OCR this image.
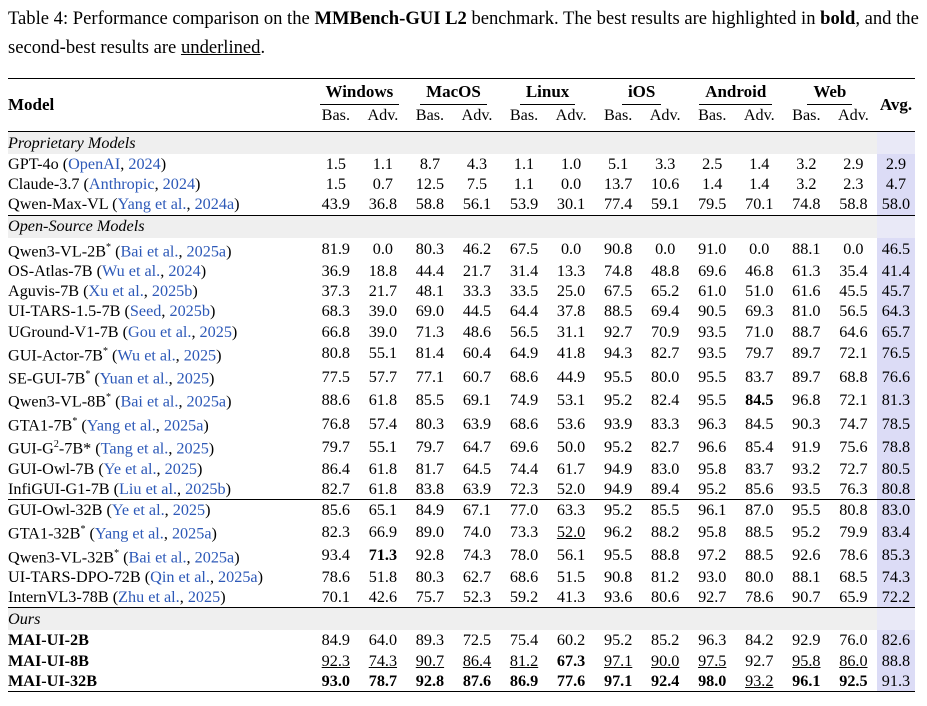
Table 4: Performance comparison on the MMBench-GUI L2 benchmark. The best results are highlighted in bold, and the second-best results are underlined.
Model	Windows		MacOS		Linux		iOS		Android		Web		Avg.
	Bas.	Adv.	Bas.	Adv.	Bas.	Adv.	Bas.	Adv.	Bas.	Adv.	Bas.	Adv.	
Proprietary Models													
GPT-4o (OpenAI, 2024)	1.5	1.1	8.7	4.3	1.1	1.0	5.1	3.3	2.5	1.4	3.2	2.9	2.9
Claude-3.7 (Anthropic, 2024)	1.5	0.7	12.5	7.5	1.1	0.0	13.7	10.6	1.4	1.4	3.2	2.3	4.7
Qwen-Max-VL (Yang et al., 2024a)	43.9	36.8	58.8	56.1	53.9	30.1	77.4	59.1	79.5	70.1	74.8	58.8	58.0
Open-Source Models													
Qwen3-VL-2B* (Bai et al., 2025a)	81.9	0.0	80.3	46.2	67.5	0.0	90.8	0.0	91.0	0.0	88.1	0.0	46.5
OS-Atlas-7B (Wu et al., 2024)	36.9	18.8	44.4	21.7	31.4	13.3	74.8	48.8	69.6	46.8	61.3	35.4	41.4
Aguvis-7B (Xu et al., 2025b)	37.3	21.7	48.1	33.3	33.5	25.0	67.5	65.2	61.0	51.0	61.6	45.5	45.7
UI-TARS-1.5-7B (Seed, 2025b)	68.3	39.0	69.0	44.5	64.4	37.8	88.5	69.4	90.5	69.3	81.0	56.5	64.3
UGround-V1-7B (Gou et al., 2025)	66.8	39.0	71.3	48.6	56.5	31.1	92.7	70.9	93.5	71.0	88.7	64.6	65.7
GUI-Actor-7B* (Wu et al., 2025)	80.8	55.1	81.4	60.4	64.9	41.8	94.3	82.7	93.5	79.7	89.7	72.1	76.5
SE-GUI-7B* (Yuan et al., 2025)	77.5	57.7	77.1	60.7	68.6	44.9	95.5	80.0	95.5	83.7	89.7	68.8	76.6
Qwen3-VL-8B* (Bai et al., 2025a)	88.6	61.8	85.5	69.1	74.9	53.1	95.2	82.4	95.5	84.5	96.8	72.1	81.3
GTA1-7B* (Yang et al., 2025a)	76.8	57.4	80.3	63.9	68.6	53.6	93.9	83.3	96.3	84.5	90.3	74.7	78.5
GUI-$G^2-7B*$ (Tang et al., 2025)	79.7	55.1	79.7	64.7	69.6	50.0	95.2	82.7	96.6	85.4	91.9	75.6	78.8
GUI-Owl-7B (Ye et al., 2025)	86.4	61.8	81.7	64.5	74.4	61.7	94.9	83.0	95.8	83.7	93.2	72.7	80.5
InfiGUI-G1-7B (Liu et al., 2025b)	82.7	61.8	83.8	63.9	72.3	52.0	94.9	89.4	95.2	85.6	93.5	76.3	80.8
GUI-Owl-32B (Ye et al., 2025)	85.6	65.1	84.9	67.1	77.0	63.3	95.2	85.5	96.1	87.0	95.5	80.8	83.0
GTA1-32B* (Yang et al., 2025a)	82.3	66.9	89.0	74.0	73.3	52.0	96.2	88.2	95.8	88.5	95.2	79.9	83.4
Qwen3-VL-32B* (Bai et al., 2025a)	93.4	71.3	92.8	74.3	78.0	56.1	95.5	88.8	97.2	88.5	92.6	78.6	85.3
UI-TARS-DPO-72B (Qin et al., 2025a)	78.6	51.8	80.3	62.7	68.6	51.5	90.8	81.2	93.0	80.0	88.1	68.5	74.3
InternVL3-78B (Zhu et al., 2025)	70.1	42.6	75.7	52.3	59.2	41.3	93.6	80.6	92.7	78.6	90.7	65.9	72.2
Ours													
MAI-UI-2B	84.9	64.0	89.3	72.5	75.4	60.2	95.2	85.2	96.3	84.2	92.9	76.0	82.6
MAI-UI-8B	92.3	74.3	90.7	86.4	81.2	67.3	97.1	90.0	97.5	92.7	95.8	86.0	88.8
MAI-UI-32B	93.0	78.7	92.8	87.6	86.9	77.6	97.1	92.4	98.0	93.2	96.1	92.5	91.3
